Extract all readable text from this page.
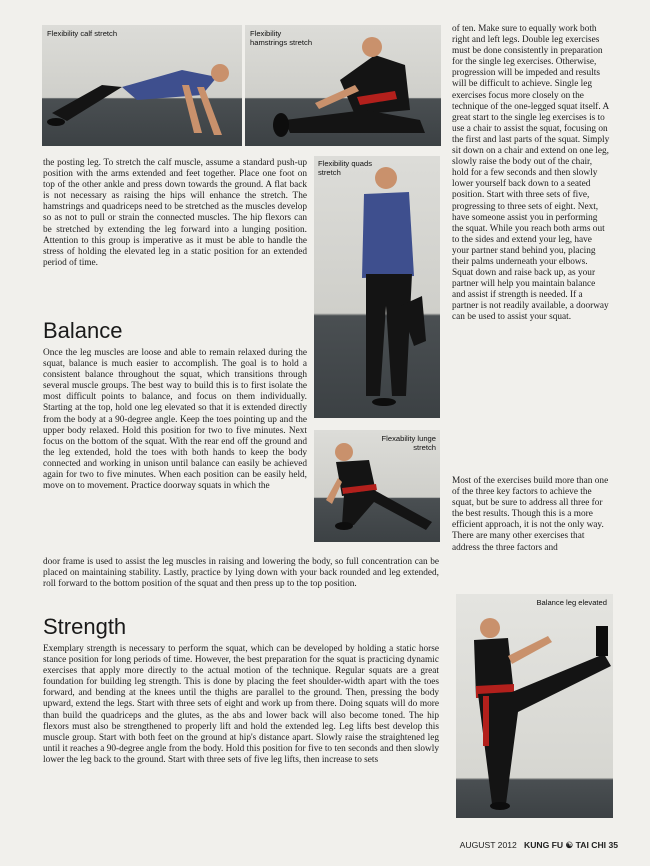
Flexibility calf stretch	Flexibility hamstrings stretch
Flexibility quads stretch
Flexability lunge stretch
Balance leg elevated

the posting leg. To stretch the calf muscle, assume a standard push-up position with the arms extended and feet together. Place one foot on top of the other ankle and press down towards the ground. A flat back is not necessary as raising the hips will enhance the stretch. The hamstrings and quadriceps need to be stretched as the muscles develop so as not to pull or strain the connected muscles. The hip flexors can be stretched by extending the leg forward into a lunging position. Attention to this group is imperative as it must be able to handle the stress of holding the elevated leg in a static position for an extended period of time.

Balance

Once the leg muscles are loose and able to remain relaxed during the squat, balance is much easier to accomplish. The goal is to hold a consistent balance throughout the squat, which transitions through several muscle groups. The best way to build this is to first isolate the most difficult points to balance, and focus on them individually. Starting at the top, hold one leg elevated so that it is extended directly from the body at a 90-degree angle. Keep the toes pointing up and the upper body relaxed. Hold this position for two to five minutes. Next focus on the bottom of the squat. With the rear end off the ground and the leg extended, hold the toes with both hands to keep the body connected and working in unison until balance can easily be achieved again for two to five minutes. When each position can be easily held, move on to movement. Practice doorway squats in which the

door frame is used to assist the leg muscles in raising and lowering the body, so full concentration can be placed on maintaining stability. Lastly, practice by lying down with your back rounded and leg extended, roll forward to the bottom position of the squat and then press up to the top position.

Strength

Exemplary strength is necessary to perform the squat, which can be developed by holding a static horse stance position for long periods of time. However, the best preparation for the squat is practicing dynamic exercises that apply more directly to the actual motion of the technique. Regular squats are a great foundation for building leg strength. This is done by placing the feet shoulder-width apart with the toes forward, and bending at the knees until the thighs are parallel to the ground. Then, pressing the body upward, extend the legs. Start with three sets of eight and work up from there. Doing squats will do more than build the quadriceps and the glutes, as the abs and lower back will also become toned. The hip flexors must also be strengthened to properly lift and hold the extended leg. Leg lifts best develop this muscle group. Start with both feet on the ground at hip's distance apart. Slowly raise the straightened leg until it reaches a 90-degree angle from the body. Hold this position for five to ten seconds and then slowly lower the leg back to the ground. Start with three sets of five leg lifts, then increase to sets

of ten. Make sure to equally work both right and left legs. Double leg exercises must be done consistently in preparation for the single leg exercises. Otherwise, progression will be impeded and results will be difficult to achieve. Single leg exercises focus more closely on the technique of the one-legged squat itself. A great start to the single leg exercises is to use a chair to assist the squat, focusing on the first and last parts of the squat. Simply sit down on a chair and extend on one leg, slowly raise the body out of the chair, hold for a few seconds and then slowly lower yourself back down to a seated position. Start with three sets of five, progressing to three sets of eight. Next, have someone assist you in performing the squat. While you reach both arms out to the sides and extend your leg, have your partner stand behind you, placing their palms underneath your elbows. Squat down and raise back up, as your partner will help you maintain balance and assist if strength is needed. If a partner is not readily available, a doorway can be used to assist your squat.

Most of the exercises build more than one of the three key factors to achieve the squat, but be sure to address all three for the best results. Though this is a more efficient approach, it is not the only way. There are many other exercises that address the three factors and

AUGUST 2012 KUNG FU ☯ TAI CHI 35
